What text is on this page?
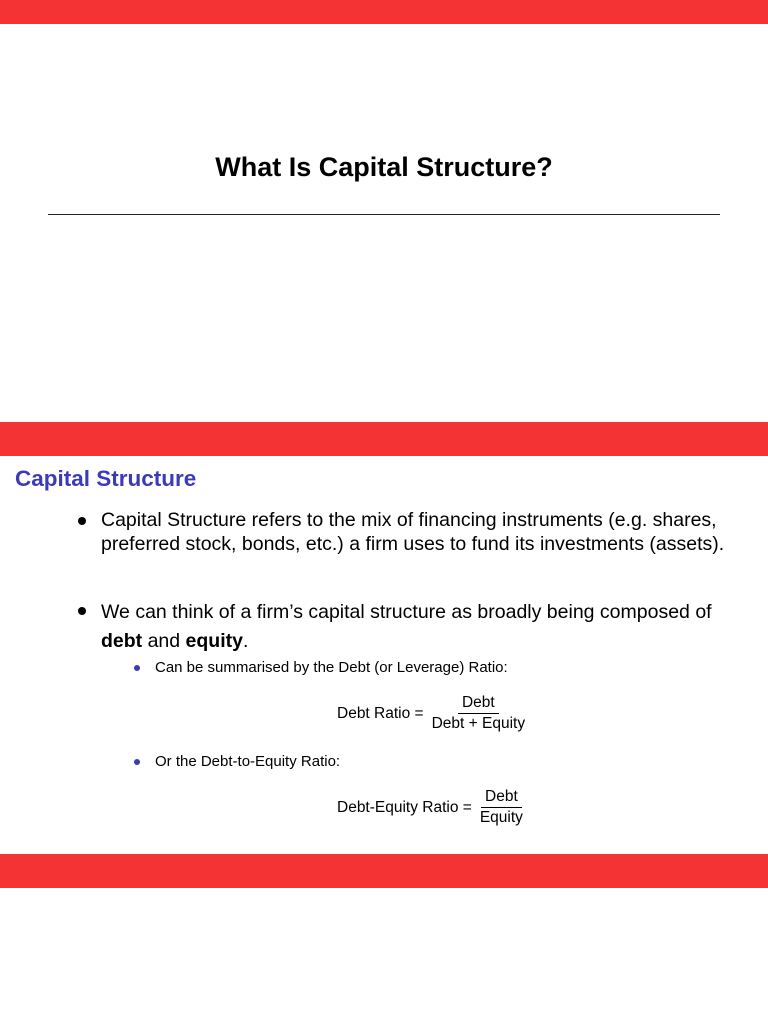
What Is Capital Structure?
Capital Structure

Capital Structure refers to the mix of financing instruments (e.g. shares, preferred stock, bonds, etc.) a firm uses to fund its investments (assets).

We can think of a firm’s capital structure as broadly being composed of debt and equity.

Can be summarised by the Debt (or Leverage) Ratio:

Debt Ratio = $\frac{\text{Debt}}{\text{Debt + Equity}}$

Or the Debt-to-Equity Ratio:

Debt-Equity Ratio = $\frac{\text{Debt}}{\text{Equity}}$
